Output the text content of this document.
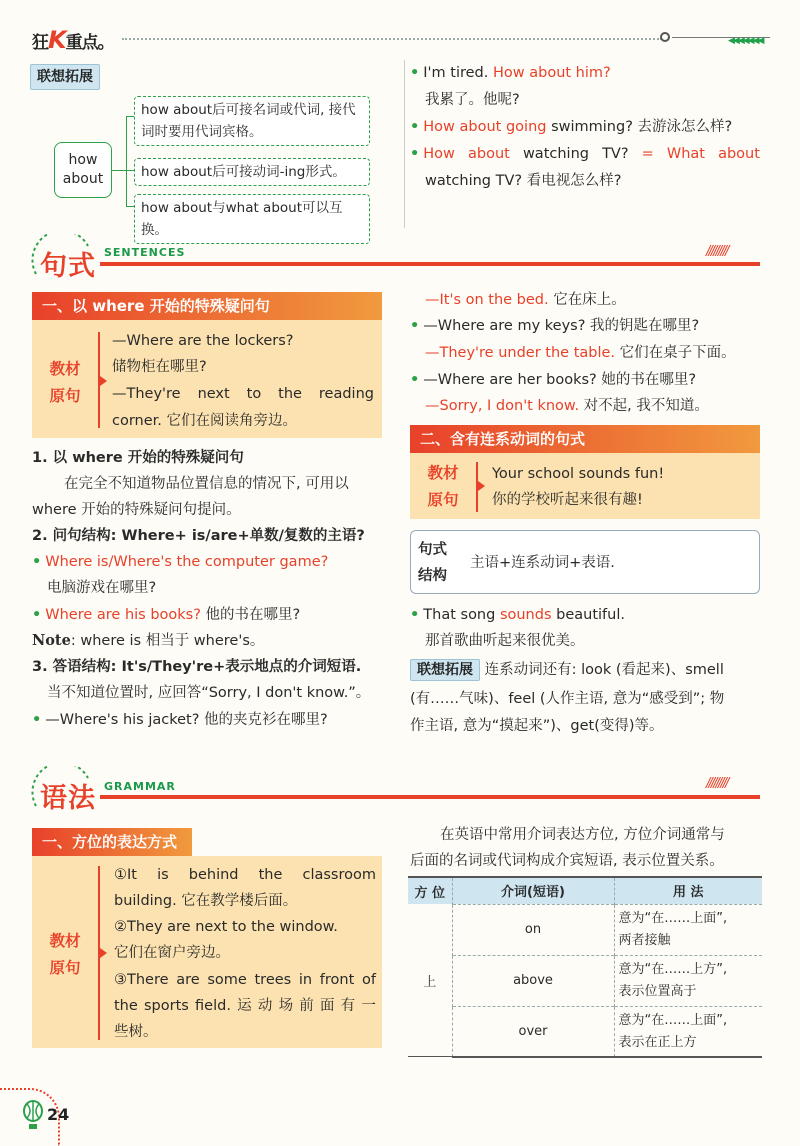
狂K重点。	◀◀◀◀◀◀◀
联想拓展
how
about
how about后可接名词或代词, 接代
词时要用代词宾格。
how about后可接动词-ing形式。
how about与what about可以互换。
• I'm tired. How about him?
我累了。他呢?
• How about going swimming? 去游泳怎么样?
• How about watching TV? = What about
watching TV? 看电视怎么样?
句式 SENTENCES	/////////
一、以 where 开始的特殊疑问句
教材
原句
—Where are the lockers?
储物柜在哪里?
—They're next to the reading
corner. 它们在阅读角旁边。
1. 以 where 开始的特殊疑问句
在完全不知道物品位置信息的情况下, 可用以
where 开始的特殊疑问句提问。
2. 问句结构: Where+ is/are+单数/复数的主语?
• Where is/Where's the computer game?
电脑游戏在哪里?
• Where are his books? 他的书在哪里?
Note: where is 相当于 where's。
3. 答语结构: It's/They're+表示地点的介词短语.
当不知道位置时, 应回答“Sorry, I don't know.”。
• —Where's his jacket? 他的夹克衫在哪里?
—It's on the bed. 它在床上。
• —Where are my keys? 我的钥匙在哪里?
—They're under the table. 它们在桌子下面。
• —Where are her books? 她的书在哪里?
—Sorry, I don't know. 对不起, 我不知道。
二、含有连系动词的句式
教材
原句
Your school sounds fun!
你的学校听起来很有趣!
句式
结构
主语+连系动词+表语.
• That song sounds beautiful.
那首歌曲听起来很优美。
联想拓展 连系动词还有: look (看起来)、smell
(有……气味)、feel (人作主语, 意为“感受到”; 物
作主语, 意为“摸起来”)、get(变得)等。
语法 GRAMMAR	/////////
一、方位的表达方式
教材
原句
①It is behind the classroom
building. 它在教学楼后面。
②They are next to the window.
它们在窗户旁边。
③There are some trees in front of
the sports field. 运 动 场 前 面 有 一
些树。
在英语中常用介词表达方位, 方位介词通常与
后面的名词或代词构成介宾短语, 表示位置关系。
方 位	介词(短语)	用 法
上	on	意为“在……上面”,
两者接触

	above	意为“在……上方”,
表示位置高于

	over	意为“在……上面”,
表示在正上方
24
